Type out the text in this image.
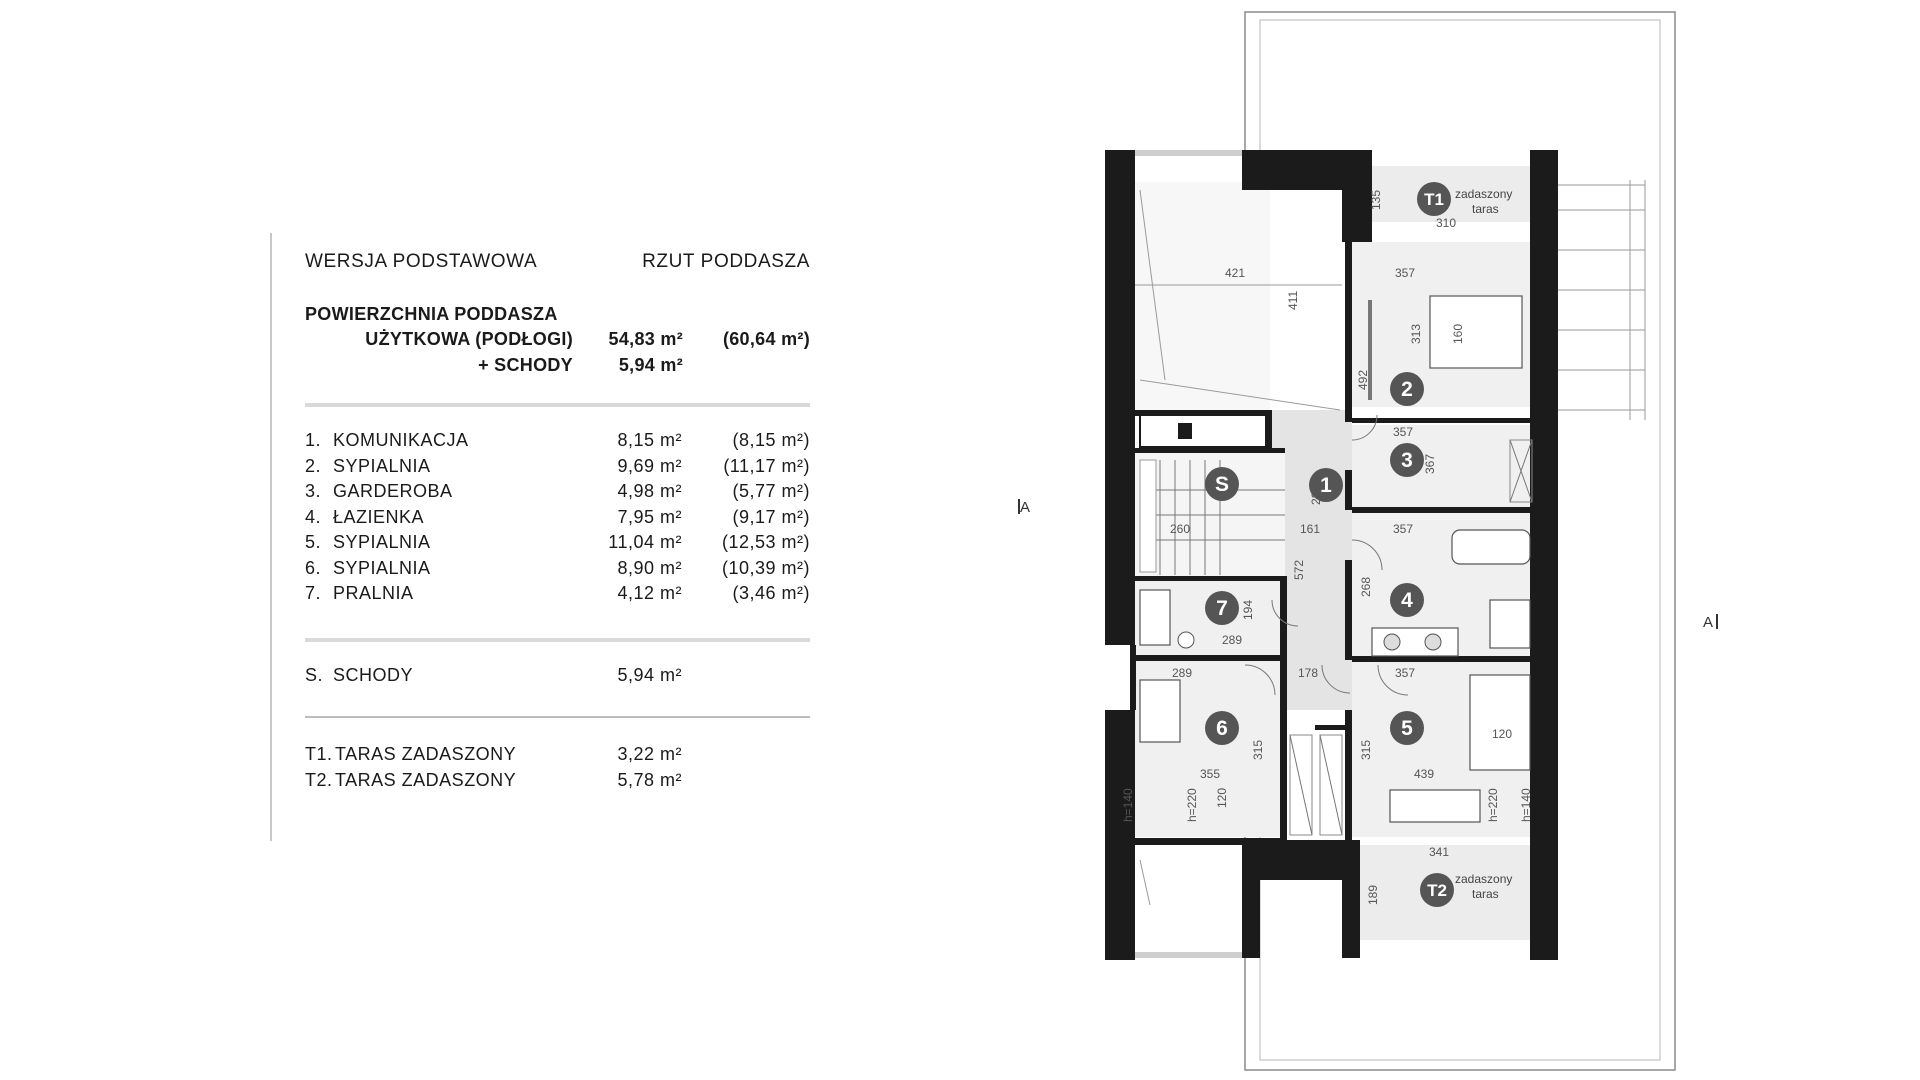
WERSJA PODSTAWOWA	RZUT PODDASZA
POWIERZCHNIA PODDASZA
UŻYTKOWA (PODŁOGI)	54,83 m²	(60,64 m²)
+ SCHODY	5,94 m²
1. KOMUNIKACJA	8,15 m²	(8,15 m²)
2. SYPIALNIA	9,69 m² (11,17 m²)
3. GARDEROBA	4,98 m²	(5,77 m²)
4. ŁAZIENKA	7,95 m²	(9,17 m²)
5. SYPIALNIA	11,04 m² (12,53 m²)
6. SYPIALNIA	8,90 m² (10,39 m²)
7. PRALNIA	4,12 m²	(3,46 m²)
S. SCHODY	5,94 m²
T1. TARAS ZADASZONY	3,22 m²
T2. TARAS ZADASZONY	5,78 m²
1
2
3
4
5
6
7
S
T1
T2
zadaszony
taras
zadaszony
taras
A
A
421
411
357
313 160
492
357
367
357
260	161
572
268
194
289
289	178	357
315	315
355
120
120
439
341
189
310
135
228
h=140	h=220	h=220 h=140
